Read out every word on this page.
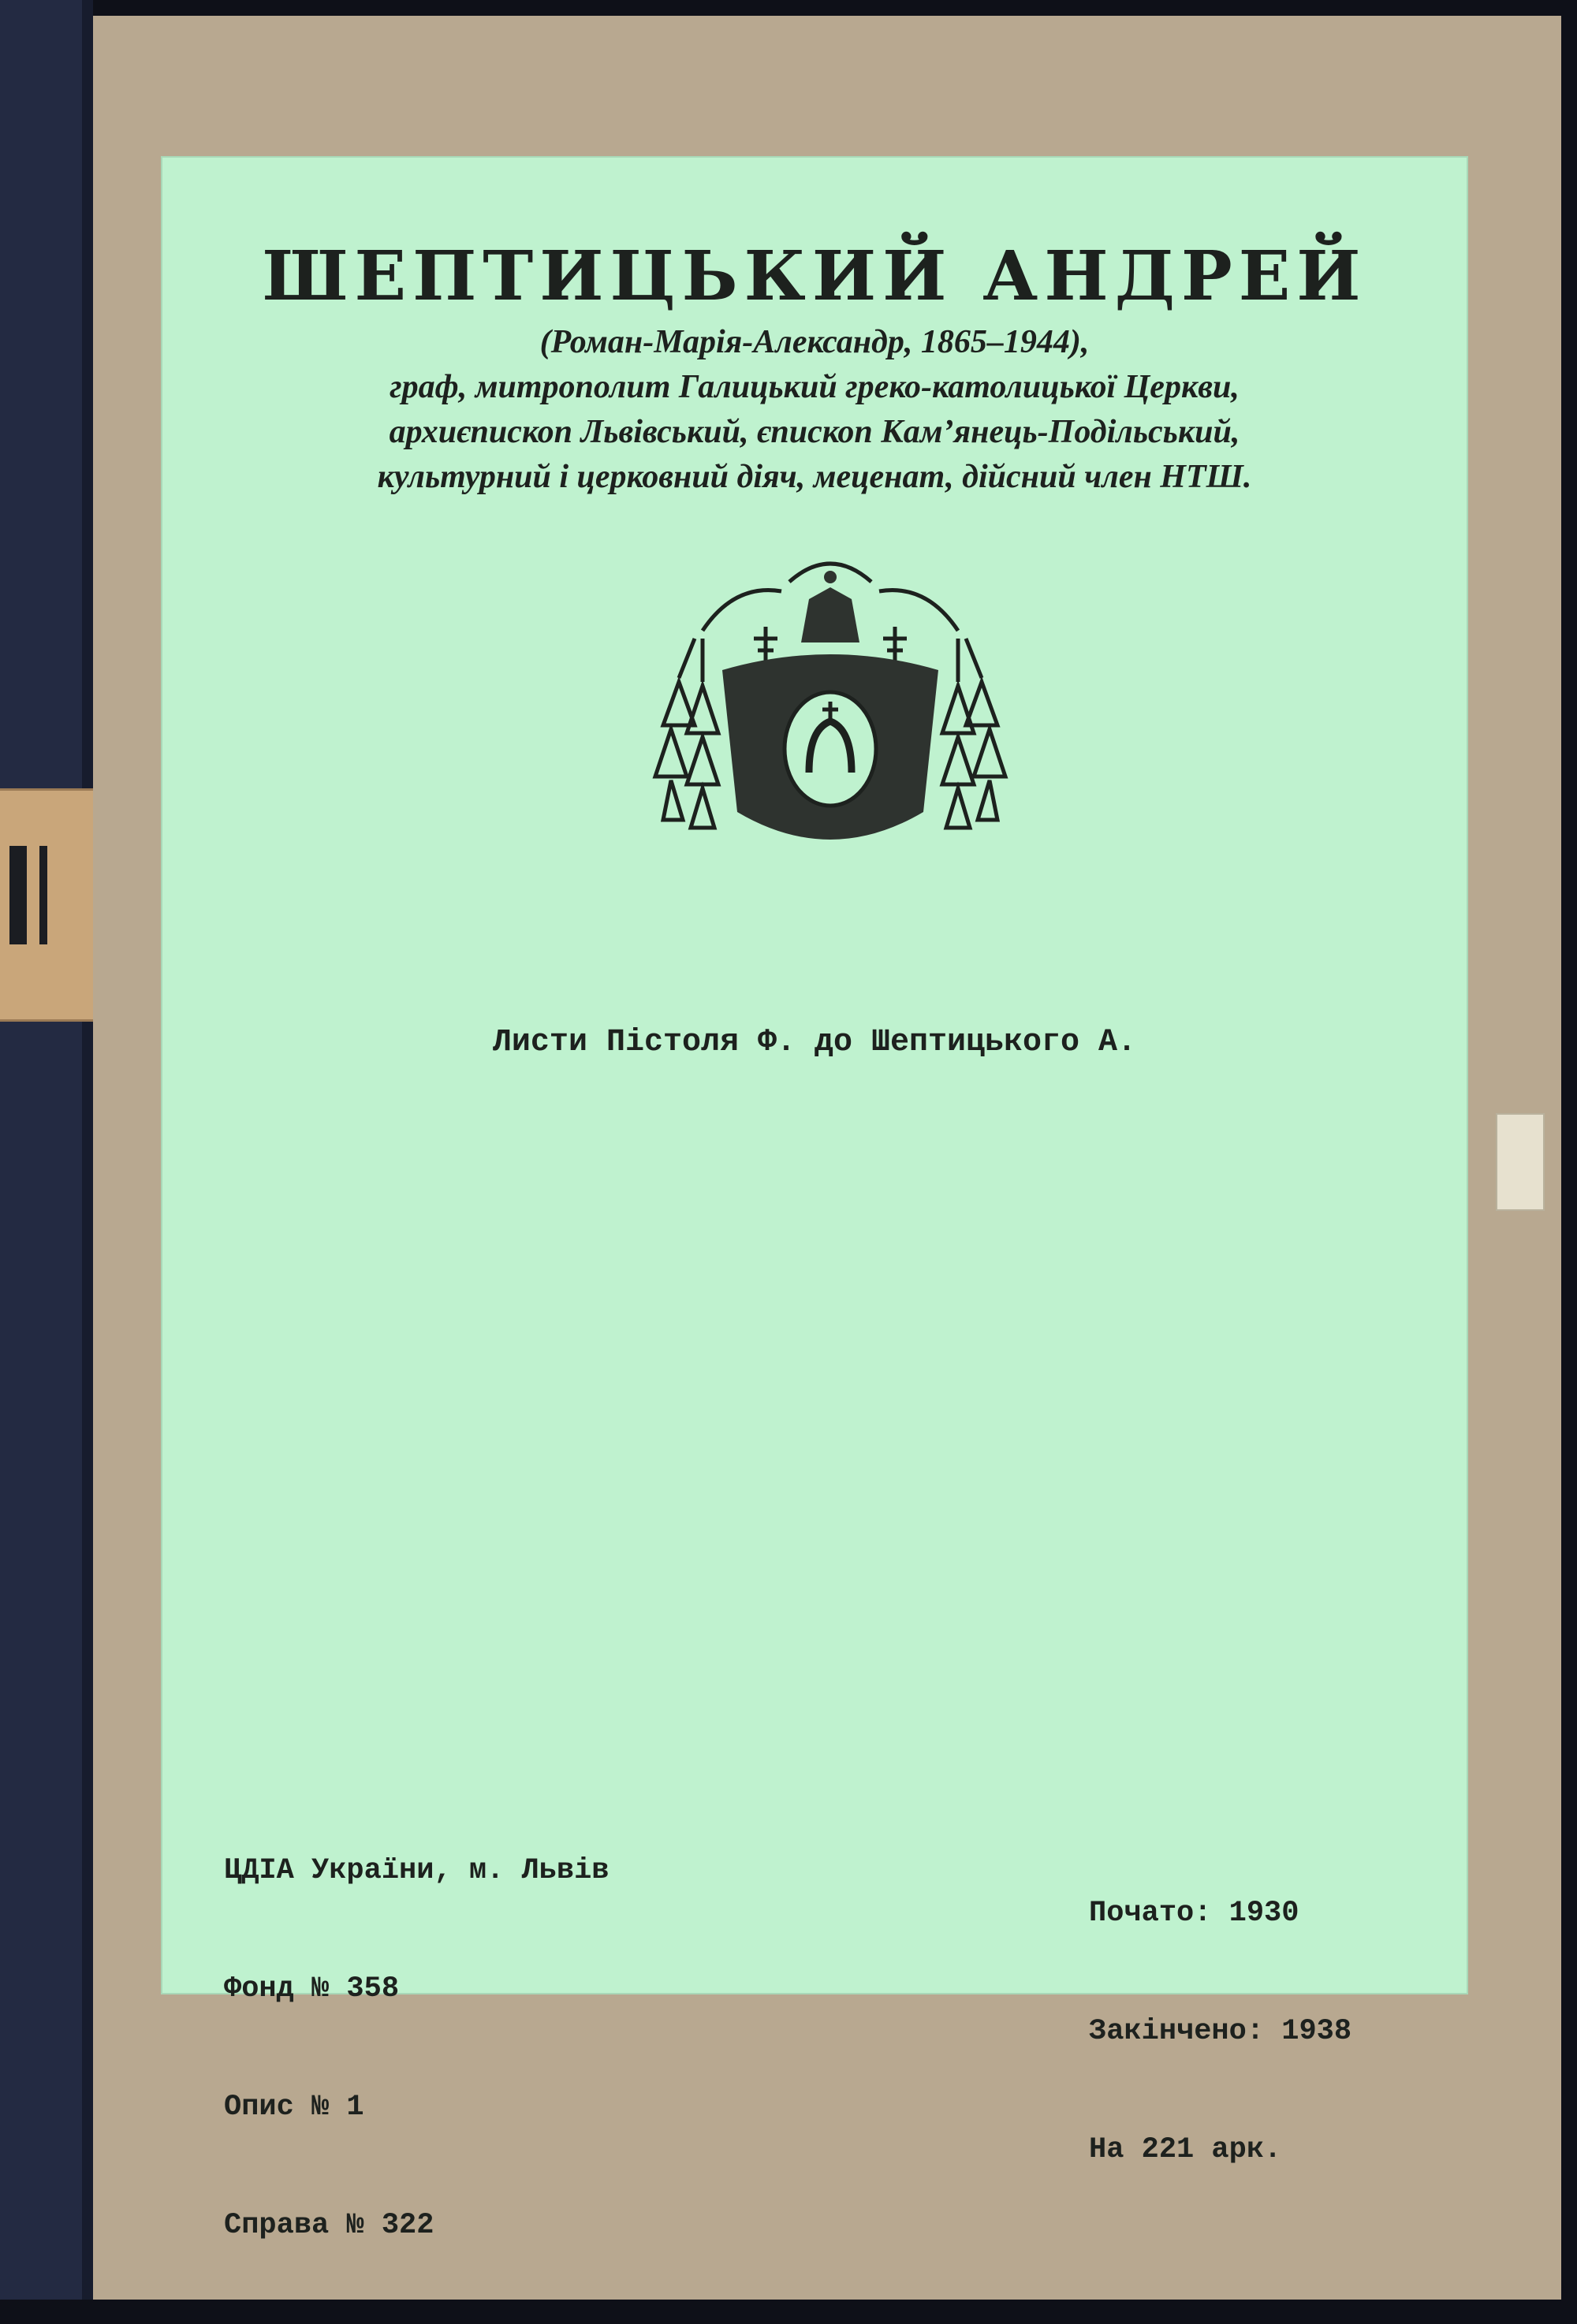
ШЕПТИЦЬКИЙ АНДРЕЙ
(Роман-Марія-Александр, 1865–1944),
граф, митрополит Галицький греко-католицької Церкви,
архиєпископ Львівський, єпископ Кам’янець-Подільський,
культурний і церковний діяч, меценат, дійсний член НТШ.
Листи Пістоля Ф. до Шептицького А.

ЦДІА України, м. Львів

Фонд № 358

Опис № 1

Справа № 322

Почато: 1930

Закінчено: 1938

На 221 арк.
